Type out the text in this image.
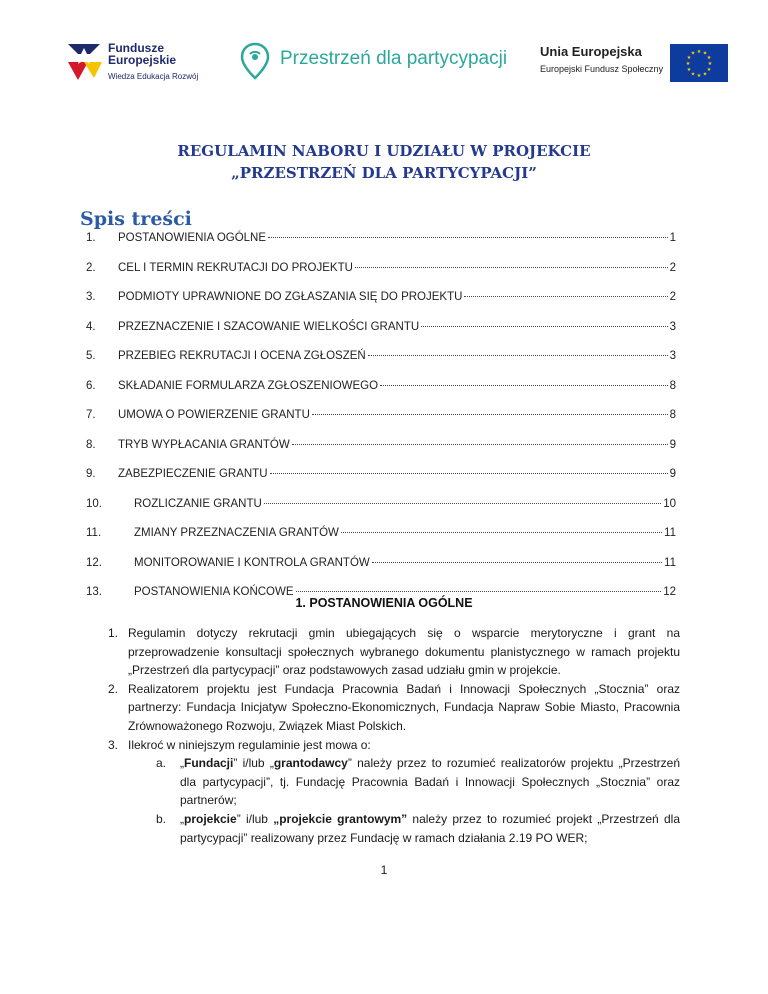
Fundusze
Europejskie
Wiedza Edukacja Rozwój
Przestrzeń dla partycypacji	Unia Europejska
Europejski Fundusz Społeczny
★ ★
★
★
★
★
★
★
★
★
★
★
REGULAMIN NABORU I UDZIAŁU W PROJEKCIE
„PRZESTRZEŃ DLA PARTYCYPACJI”
Spis treści
1.	POSTANOWIENIA OGÓLNE	1
2.	CEL I TERMIN REKRUTACJI DO PROJEKTU	2
3.	PODMIOTY UPRAWNIONE DO ZGŁASZANIA SIĘ DO PROJEKTU	2
4.	PRZEZNACZENIE I SZACOWANIE WIELKOŚCI GRANTU	3
5.	PRZEBIEG REKRUTACJI I OCENA ZGŁOSZEŃ	3
6.	SKŁADANIE FORMULARZA ZGŁOSZENIOWEGO	8
7.	UMOWA O POWIERZENIE GRANTU	8
8.	TRYB WYPŁACANIA GRANTÓW	9
9.	ZABEZPIECZENIE GRANTU	9
10.	ROZLICZANIE GRANTU	10
11.	ZMIANY PRZEZNACZENIA GRANTÓW	11
12.	MONITOROWANIE I KONTROLA GRANTÓW	11
13.	POSTANOWIENIA KOŃCOWE	12
1. POSTANOWIENIA OGÓLNE
1. Regulamin dotyczy rekrutacji gmin ubiegających się o wsparcie merytoryczne i grant na przeprowadzenie konsultacji społecznych wybranego dokumentu planistycznego w ramach projektu „Przestrzeń dla partycypacji” oraz podstawowych zasad udziału gmin w projekcie.
2. Realizatorem projektu jest Fundacja Pracownia Badań i Innowacji Społecznych „Stocznia” oraz partnerzy: Fundacja Inicjatyw Społeczno-Ekonomicznych, Fundacja Napraw Sobie Miasto, Pracownia Zrównoważonego Rozwoju, Związek Miast Polskich.
3. Ilekroć w niniejszym regulaminie jest mowa o:
a.	„Fundacji” i/lub „grantodawcy” należy przez to rozumieć realizatorów projektu „Przestrzeń dla partycypacji”, tj. Fundację Pracownia Badań i Innowacji Społecznych „Stocznia” oraz partnerów;
b.	„projekcie” i/lub „projekcie grantowym” należy przez to rozumieć projekt „Przestrzeń dla partycypacji” realizowany przez Fundację w ramach działania 2.19 PO WER;
1
